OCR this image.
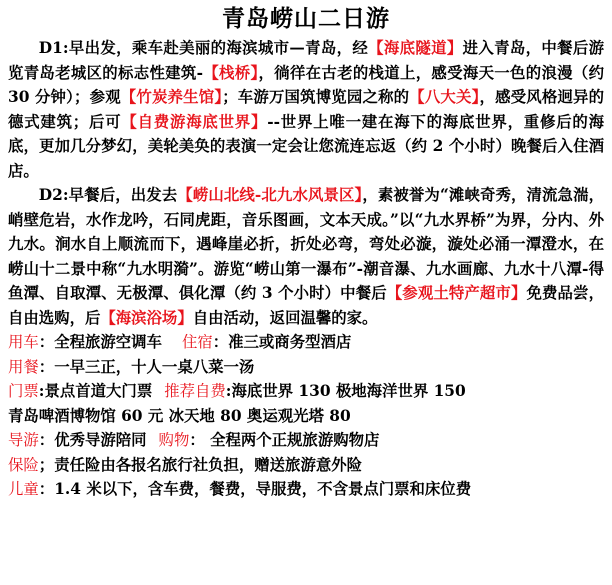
青岛崂山二日游

D1:早出发，乘车赴美丽的海滨城市—青岛，经【海底隧道】进入青岛，中餐后游览青岛老城区的标志性建筑-【栈桥】，徜徉在古老的栈道上，感受海天一色的浪漫（约 30 分钟）；参观【竹炭养生馆】；车游万国筑博览园之称的【八大关】，感受风格迥异的德式建筑；后可【自费游海底世界】--世界上唯一建在海下的海底世界，重修后的海底，更加几分梦幻，美轮美奂的表演一定会让您流连忘返（约 2 个小时）晚餐后入住酒店。

D2:早餐后，出发去【崂山北线-北九水风景区】，素被誉为“滩峡奇秀，清流急湍，峭壁危岩，水作龙吟，石同虎距，音乐图画，文本天成。”以“九水界桥”为界，分内、外九水。涧水自上顺流而下，遇峰崖必折，折处必弯，弯处必漩，漩处必涌一潭澄水，在崂山十二景中称“九水明漪”。游览“崂山第一瀑布”-潮音瀑、九水画廊、九水十八潭-得鱼潭、自取潭、无极潭、俱化潭（约 3 个小时）中餐后【参观土特产超市】免费品尝，自由选购，后【海滨浴场】自由活动，返回温馨的家。

用车：全程旅游空调车 住宿：准三或商务型酒店

用餐：一早三正，十人一桌八菜一汤

门票:景点首道大门票 推荐自费:海底世界 130 极地海洋世界 150

青岛啤酒博物馆 60 元 冰天地 80 奥运观光塔 80

导游：优秀导游陪同 购物： 全程两个正规旅游购物店

保险；责任险由各报名旅行社负担，赠送旅游意外险

儿童：1.4 米以下，含车费，餐费，导服费，不含景点门票和床位费
